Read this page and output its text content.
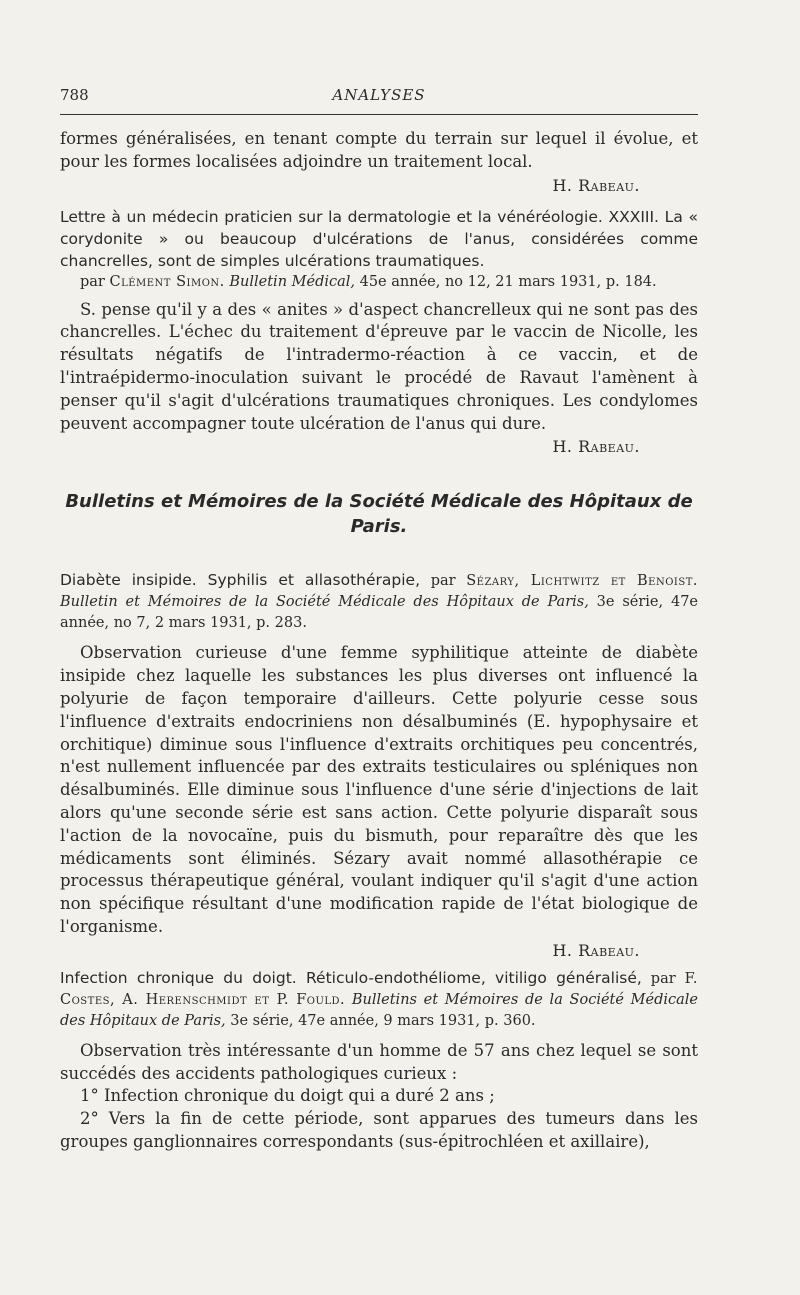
788	ANALYSES

formes généralisées, en tenant compte du terrain sur lequel il évolue, et pour les formes localisées adjoindre un traitement local.

H. Rabeau.

Lettre à un médecin praticien sur la dermatologie et la vénéréologie. XXXIII. La « corydonite » ou beaucoup d'ulcérations de l'anus, considérées comme chancrelles, sont de simples ulcérations traumatiques.

par Clément Simon. Bulletin Médical, 45e année, no 12, 21 mars 1931, p. 184.

S. pense qu'il y a des « anites » d'aspect chancrelleux qui ne sont pas des chancrelles. L'échec du traitement d'épreuve par le vaccin de Nicolle, les résultats négatifs de l'intradermo-réaction à ce vaccin, et de l'intraépidermo-inoculation suivant le procédé de Ravaut l'amènent à penser qu'il s'agit d'ulcérations traumatiques chroniques. Les condylomes peuvent accompagner toute ulcération de l'anus qui dure.

H. Rabeau.

Bulletins et Mémoires de la Société Médicale des Hôpitaux de Paris.

Diabète insipide. Syphilis et allasothérapie, par Sézary, Lichtwitz et Benoist. Bulletin et Mémoires de la Société Médicale des Hôpitaux de Paris, 3e série, 47e année, no 7, 2 mars 1931, p. 283.

Observation curieuse d'une femme syphilitique atteinte de diabète insipide chez laquelle les substances les plus diverses ont influencé la polyurie de façon temporaire d'ailleurs. Cette polyurie cesse sous l'influence d'extraits endocriniens non désalbuminés (E. hypophysaire et orchitique) diminue sous l'influence d'extraits orchitiques peu concentrés, n'est nullement influencée par des extraits testiculaires ou spléniques non désalbuminés. Elle diminue sous l'influence d'une série d'injections de lait alors qu'une seconde série est sans action. Cette polyurie disparaît sous l'action de la novocaïne, puis du bismuth, pour reparaître dès que les médicaments sont éliminés. Sézary avait nommé allasothérapie ce processus thérapeutique général, voulant indiquer qu'il s'agit d'une action non spécifique résultant d'une modification rapide de l'état biologique de l'organisme.

H. Rabeau.

Infection chronique du doigt. Réticulo-endothéliome, vitiligo généralisé, par F. Costes, A. Herenschmidt et P. Fould. Bulletins et Mémoires de la Société Médicale des Hôpitaux de Paris, 3e série, 47e année, 9 mars 1931, p. 360.

Observation très intéressante d'un homme de 57 ans chez lequel se sont succédés des accidents pathologiques curieux :

1° Infection chronique du doigt qui a duré 2 ans ;

2° Vers la fin de cette période, sont apparues des tumeurs dans les groupes ganglionnaires correspondants (sus-épitrochléen et axillaire),
